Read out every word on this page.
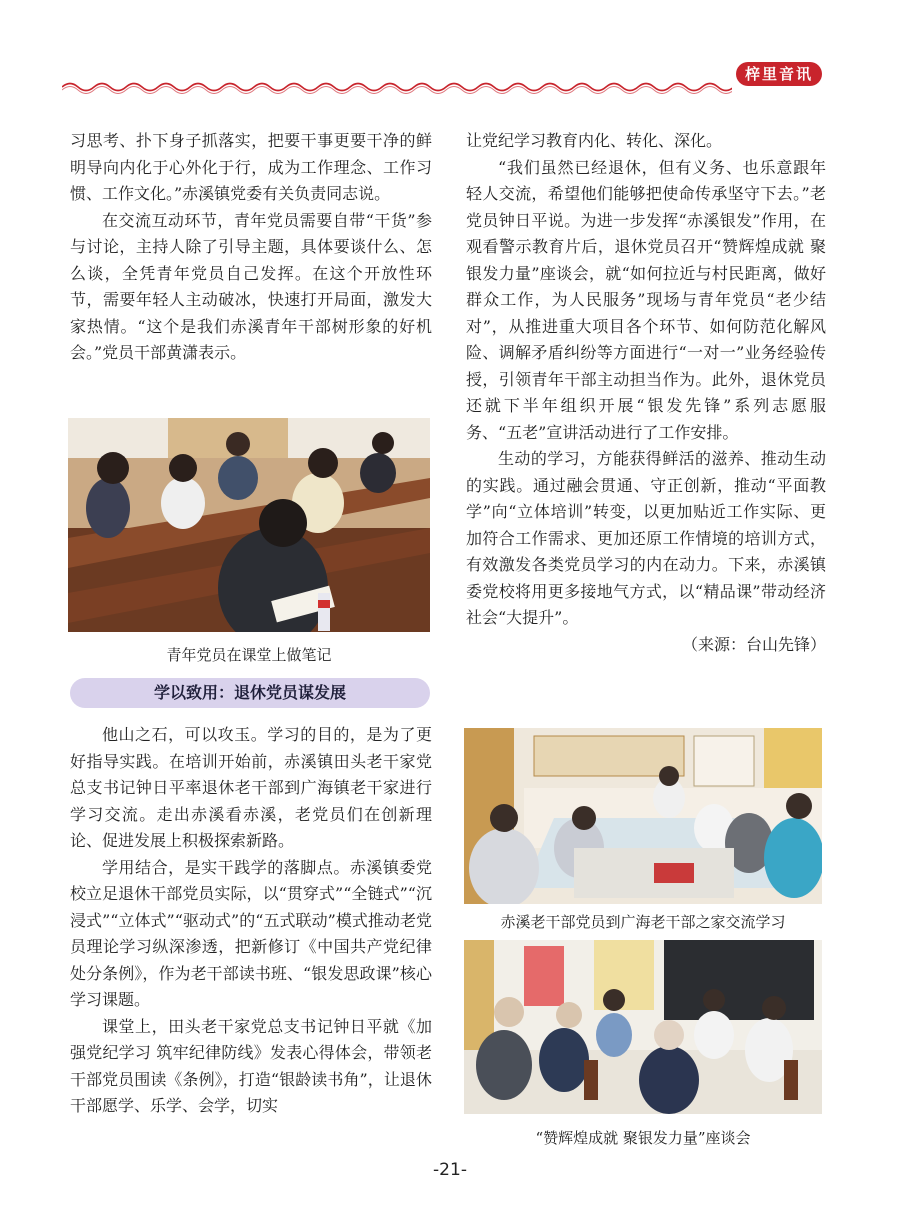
梓里音讯

习思考、扑下身子抓落实，把要干事更要干净的鲜明导向内化于心外化于行，成为工作理念、工作习惯、工作文化。”赤溪镇党委有关负责同志说。

在交流互动环节，青年党员需要自带“干货”参与讨论，主持人除了引导主题，具体要谈什么、怎么谈，全凭青年党员自己发挥。在这个开放性环节，需要年轻人主动破冰，快速打开局面，激发大家热情。“这个是我们赤溪青年干部树形象的好机会。”党员干部黄潇表示。

青年党员在课堂上做笔记
学以致用：退休党员谋发展

他山之石，可以攻玉。学习的目的，是为了更好指导实践。在培训开始前，赤溪镇田头老干家党总支书记钟日平率退休老干部到广海镇老干家进行学习交流。走出赤溪看赤溪，老党员们在创新理论、促进发展上积极探索新路。

学用结合，是实干践学的落脚点。赤溪镇委党校立足退休干部党员实际，以“贯穿式”“全链式”“沉浸式”“立体式”“驱动式”的“五式联动”模式推动老党员理论学习纵深渗透，把新修订《中国共产党纪律处分条例》，作为老干部读书班、“银发思政课”核心学习课题。

课堂上，田头老干家党总支书记钟日平就《加强党纪学习 筑牢纪律防线》发表心得体会，带领老干部党员围读《条例》，打造“银龄读书角”，让退休干部愿学、乐学、会学，切实

让党纪学习教育内化、转化、深化。

“我们虽然已经退休，但有义务、也乐意跟年轻人交流，希望他们能够把使命传承坚守下去。”老党员钟日平说。为进一步发挥“赤溪银发”作用，在观看警示教育片后，退休党员召开“赞辉煌成就 聚银发力量”座谈会，就“如何拉近与村民距离，做好群众工作，为人民服务”现场与青年党员“老少结对”，从推进重大项目各个环节、如何防范化解风险、调解矛盾纠纷等方面进行“一对一”业务经验传授，引领青年干部主动担当作为。此外，退休党员还就下半年组织开展“银发先锋”系列志愿服务、“五老”宣讲活动进行了工作安排。

生动的学习，方能获得鲜活的滋养、推动生动的实践。通过融会贯通、守正创新，推动“平面教学”向“立体培训”转变，以更加贴近工作实际、更加符合工作需求、更加还原工作情境的培训方式，有效激发各类党员学习的内在动力。下来，赤溪镇委党校将用更多接地气方式，以“精品课”带动经济社会“大提升”。

（来源：台山先锋）

赤溪老干部党员到广海老干部之家交流学习
“赞辉煌成就 聚银发力量”座谈会
-21-
